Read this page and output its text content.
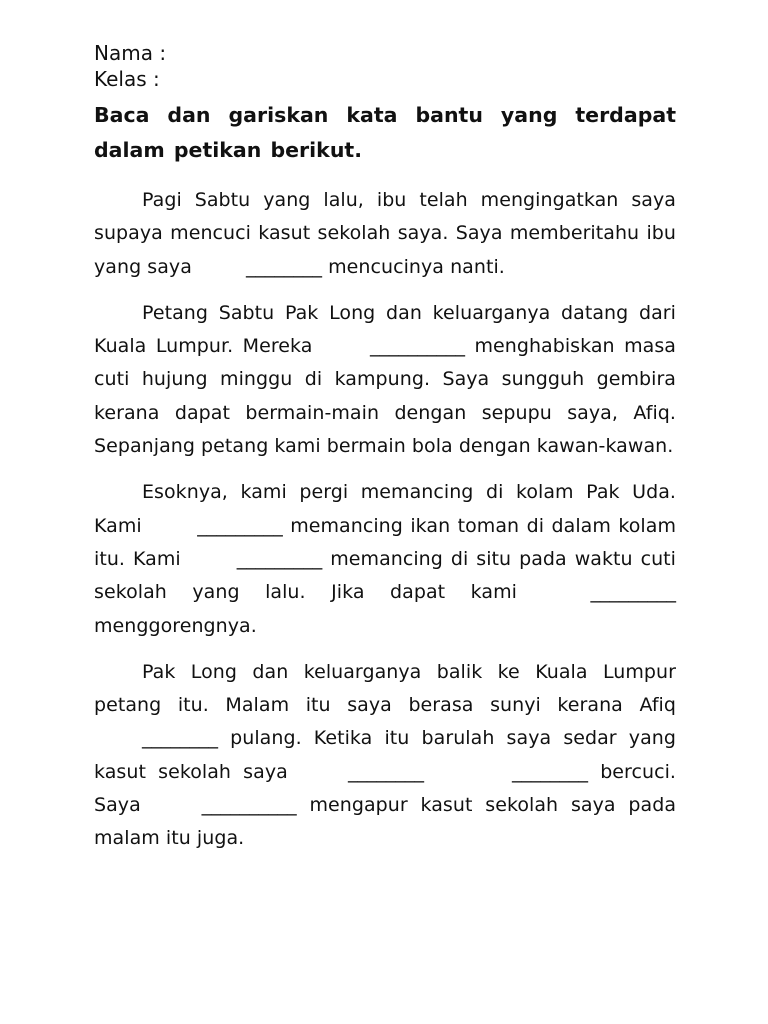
Nama :
Kelas :
Baca dan gariskan kata bantu yang terdapat dalam petikan berikut.

Pagi Sabtu yang lalu, ibu telah mengingatkan saya supaya mencuci kasut sekolah saya. Saya memberitahu ibu yang saya	________ mencucinya nanti.

Petang Sabtu Pak Long dan keluarganya datang dari Kuala Lumpur. Mereka	__________ menghabiskan masa cuti hujung minggu di kampung. Saya sungguh gembira kerana dapat bermain-main dengan sepupu saya, Afiq. Sepanjang petang kami bermain bola dengan kawan-kawan.

Esoknya, kami pergi memancing di kolam Pak Uda. Kami	_________ memancing ikan toman di dalam kolam itu. Kami	_________ memancing di situ pada waktu cuti sekolah yang lalu. Jika dapat kami	_________ menggorengnya.

Pak Long dan keluarganya balik ke Kuala Lumpur petang itu. Malam itu saya berasa sunyi kerana Afiq ________ pulang. Ketika itu barulah saya sedar yang kasut sekolah saya	________	________ bercuci. Saya	__________ mengapur kasut sekolah saya pada malam itu juga.
